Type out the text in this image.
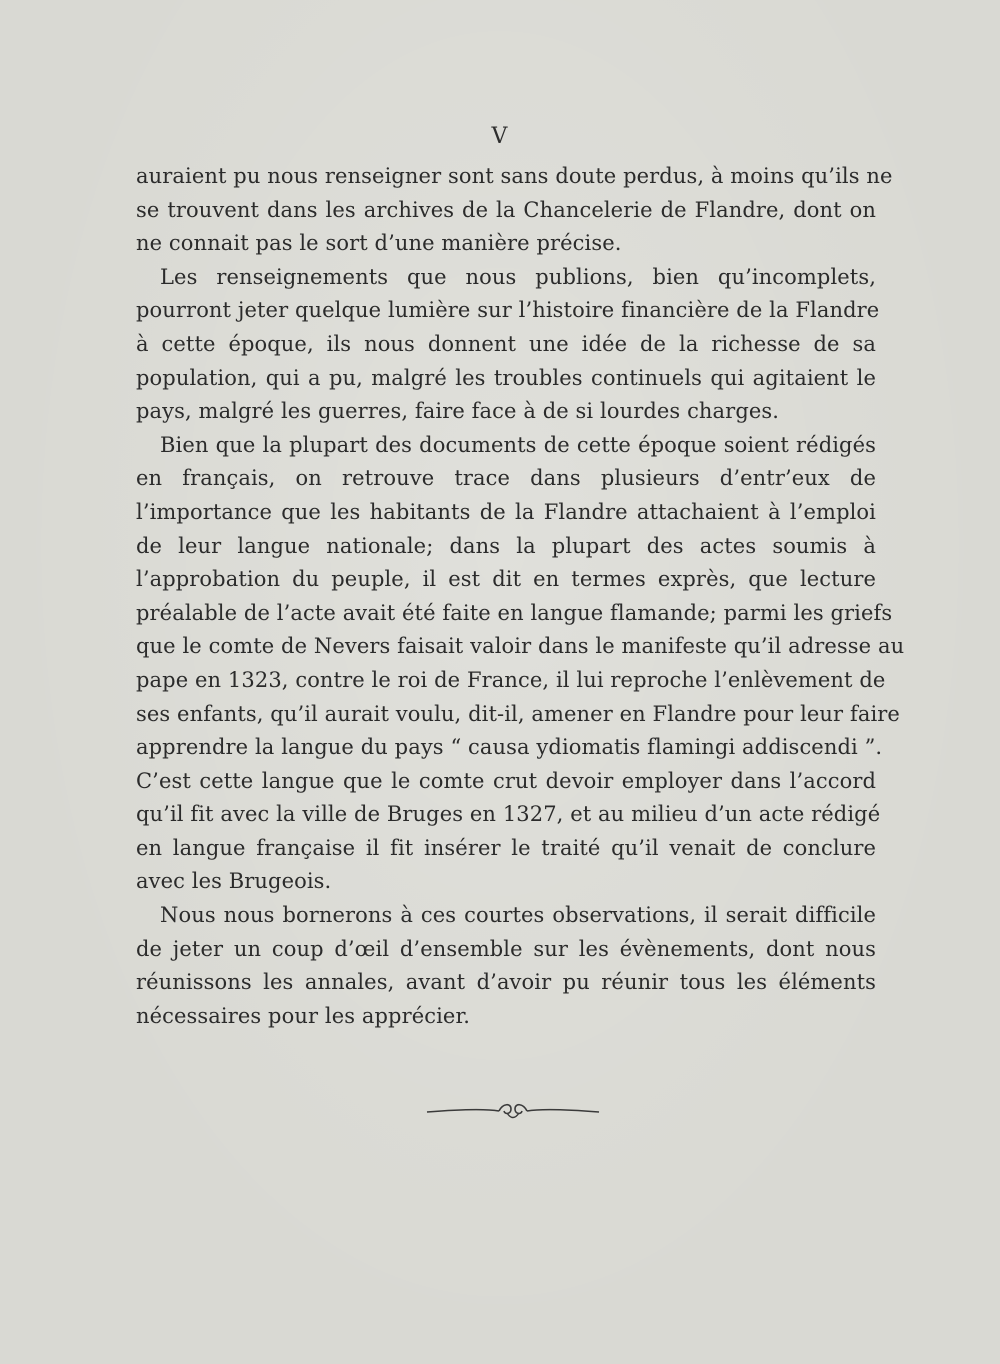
V
auraient pu nous renseigner sont sans doute perdus, à moins qu’ils ne
se trouvent dans les archives de la Chancelerie de Flandre, dont on
ne connait pas le sort d’une manière précise.
Les renseignements que nous publions, bien qu’incomplets,
pourront jeter quelque lumière sur l’histoire financière de la Flandre
à cette époque, ils nous donnent une idée de la richesse de sa
population, qui a pu, malgré les troubles continuels qui agitaient le
pays, malgré les guerres, faire face à de si lourdes charges.
Bien que la plupart des documents de cette époque soient rédigés
en français, on retrouve trace dans plusieurs d’entr’eux de
l’importance que les habitants de la Flandre attachaient à l’emploi
de leur langue nationale; dans la plupart des actes soumis à
l’approbation du peuple, il est dit en termes exprès, que lecture
préalable de l’acte avait été faite en langue flamande; parmi les griefs
que le comte de Nevers faisait valoir dans le manifeste qu’il adresse au
pape en 1323, contre le roi de France, il lui reproche l’enlèvement de
ses enfants, qu’il aurait voulu, dit-il, amener en Flandre pour leur faire
apprendre la langue du pays “ causa ydiomatis flamingi addiscendi ”.
C’est cette langue que le comte crut devoir employer dans l’accord
qu’il fit avec la ville de Bruges en 1327, et au milieu d’un acte rédigé
en langue française il fit insérer le traité qu’il venait de conclure
avec les Brugeois.
Nous nous bornerons à ces courtes observations, il serait difficile
de jeter un coup d’œil d’ensemble sur les évènements, dont nous
réunissons les annales, avant d’avoir pu réunir tous les éléments
nécessaires pour les apprécier.
